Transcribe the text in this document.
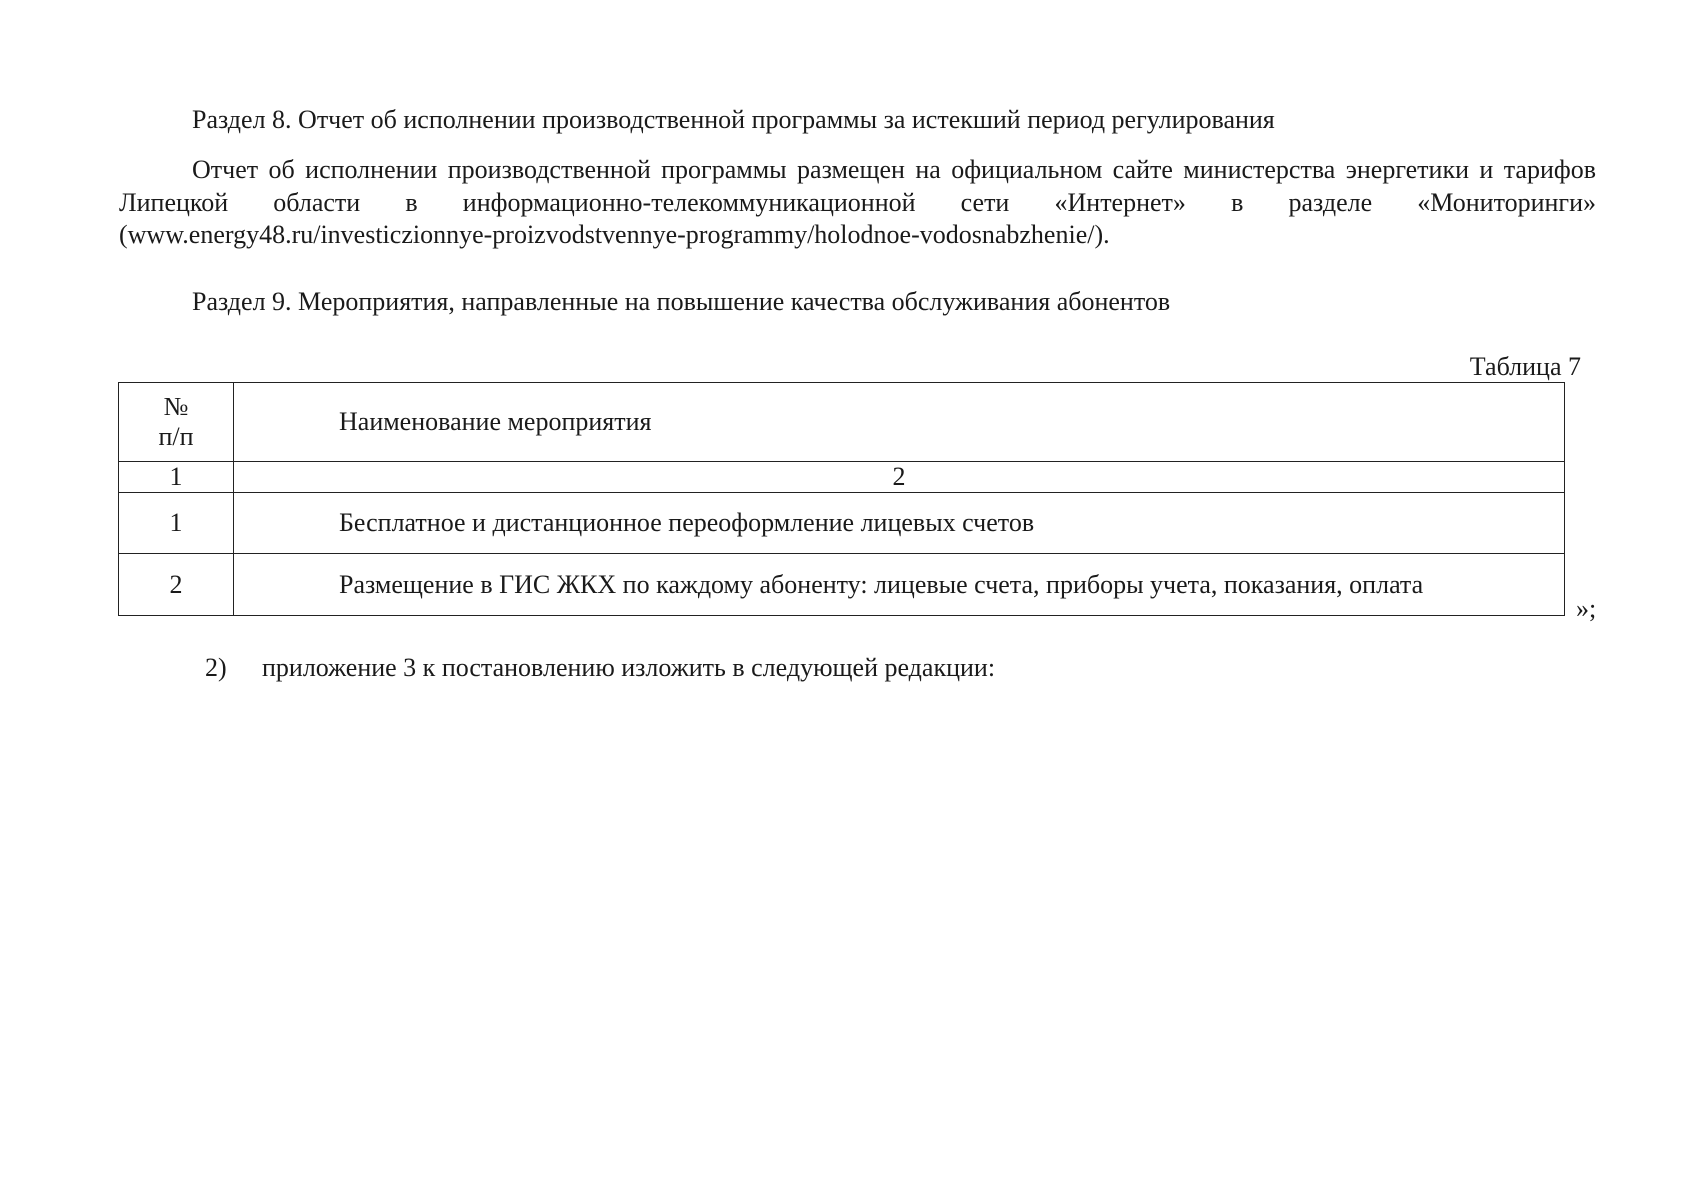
Раздел 8. Отчет об исполнении производственной программы за истекший период регулирования
Отчет об исполнении производственной программы размещен на официальном сайте министерства энергетики и тарифов Липецкой области в информационно-телекоммуникационной сети «Интернет» в разделе «Мониторинги» (www.energy48.ru/investiczionnye-proizvodstvennye-programmy/holodnoe-vodosnabzhenie/).
Раздел 9. Мероприятия, направленные на повышение качества обслуживания абонентов
Таблица 7
№
п/п	Наименование мероприятия
1	2
1	Бесплатное и дистанционное переоформление лицевых счетов
2	Размещение в ГИС ЖКХ по каждому абоненту: лицевые счета, приборы учета, показания, оплата
»;
2) приложение 3 к постановлению изложить в следующей редакции:
